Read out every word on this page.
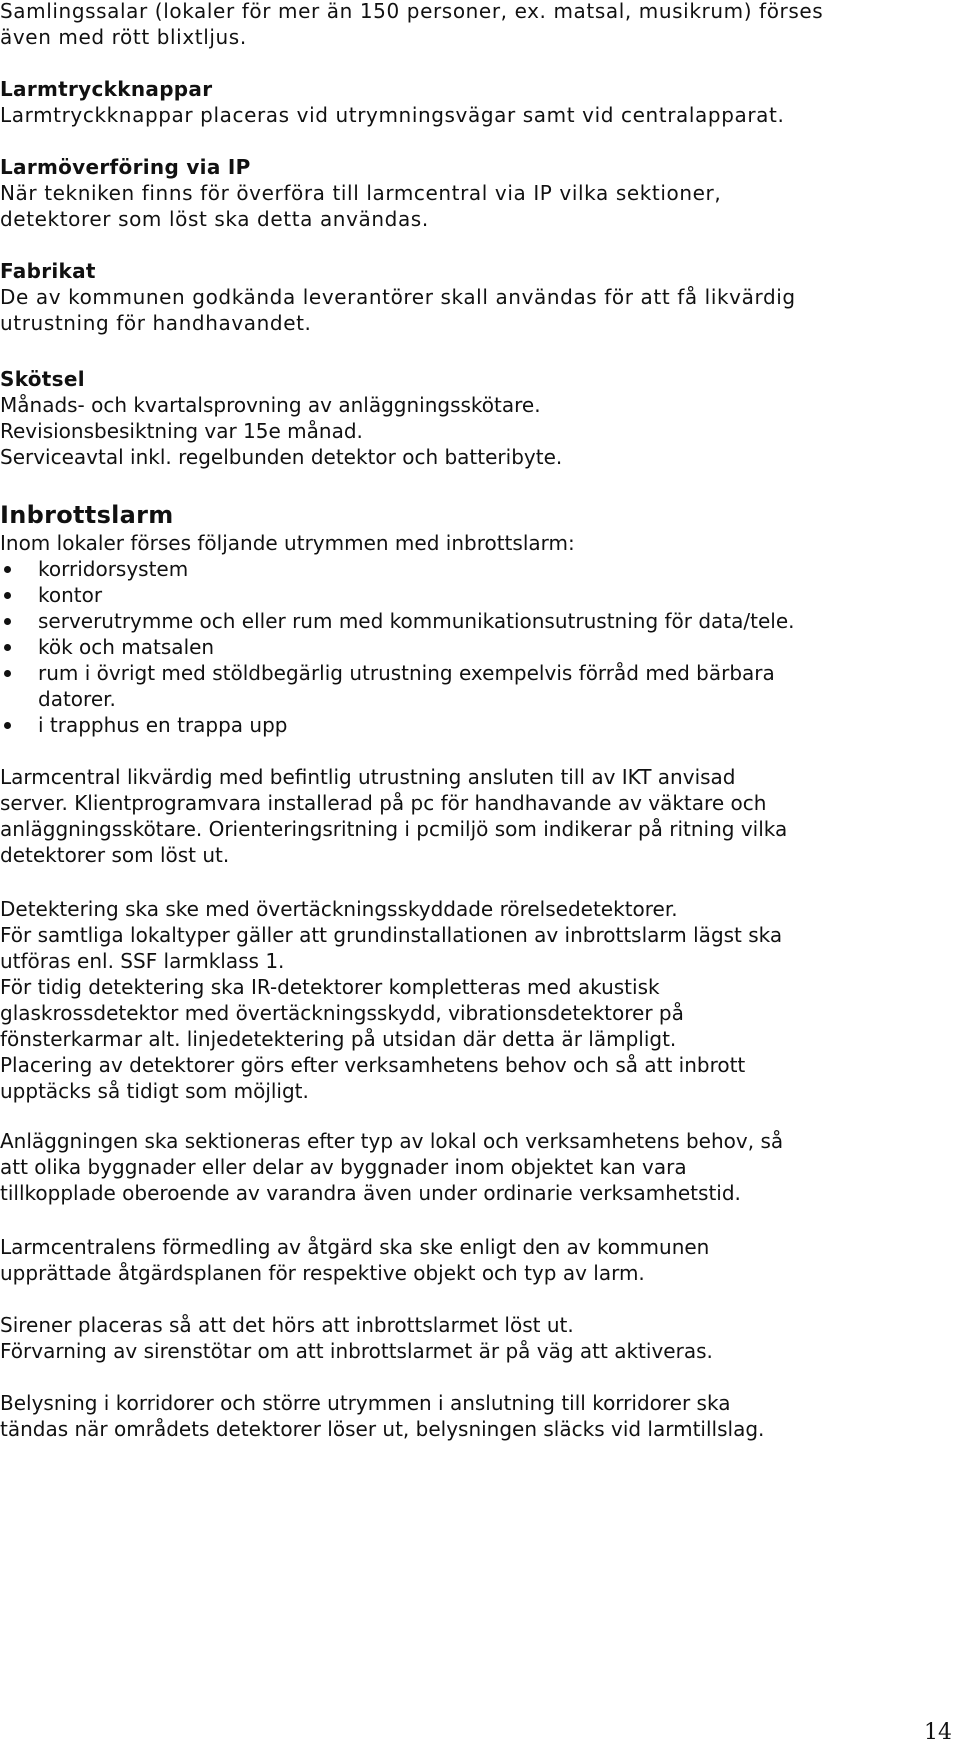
Samlingssalar (lokaler för mer än 150 personer, ex. matsal, musikrum) förses
även med rött blixtljus.
Larmtryckknappar
Larmtryckknappar placeras vid utrymningsvägar samt vid centralapparat.
Larmöverföring via IP
När tekniken finns för överföra till larmcentral via IP vilka sektioner,
detektorer som löst ska detta användas.
Fabrikat
De av kommunen godkända leverantörer skall användas för att få likvärdig
utrustning för handhavandet.
Skötsel
Månads- och kvartalsprovning av anläggningsskötare.
Revisionsbesiktning var 15e månad.
Serviceavtal inkl. regelbunden detektor och batteribyte.
Inbrottslarm
Inom lokaler förses följande utrymmen med inbrottslarm:
korridorsystem
kontor
serverutrymme och eller rum med kommunikationsutrustning för data/tele.
kök och matsalen
rum i övrigt med stöldbegärlig utrustning exempelvis förråd med bärbara
datorer.
i trapphus en trappa upp
Larmcentral likvärdig med befintlig utrustning ansluten till av IKT anvisad
server. Klientprogramvara installerad på pc för handhavande av väktare och
anläggningsskötare. Orienteringsritning i pcmiljö som indikerar på ritning vilka
detektorer som löst ut.
Detektering ska ske med övertäckningsskyddade rörelsedetektorer.
För samtliga lokaltyper gäller att grundinstallationen av inbrottslarm lägst ska
utföras enl. SSF larmklass 1.
För tidig detektering ska IR-detektorer kompletteras med akustisk
glaskrossdetektor med övertäckningsskydd, vibrationsdetektorer på
fönsterkarmar alt. linjedetektering på utsidan där detta är lämpligt.
Placering av detektorer görs efter verksamhetens behov och så att inbrott
upptäcks så tidigt som möjligt.
Anläggningen ska sektioneras efter typ av lokal och verksamhetens behov, så
att olika byggnader eller delar av byggnader inom objektet kan vara
tillkopplade oberoende av varandra även under ordinarie verksamhetstid.
Larmcentralens förmedling av åtgärd ska ske enligt den av kommunen
upprättade åtgärdsplanen för respektive objekt och typ av larm.
Sirener placeras så att det hörs att inbrottslarmet löst ut.
Förvarning av sirenstötar om att inbrottslarmet är på väg att aktiveras.
Belysning i korridorer och större utrymmen i anslutning till korridorer ska
tändas när områdets detektorer löser ut, belysningen släcks vid larmtillslag.
14
